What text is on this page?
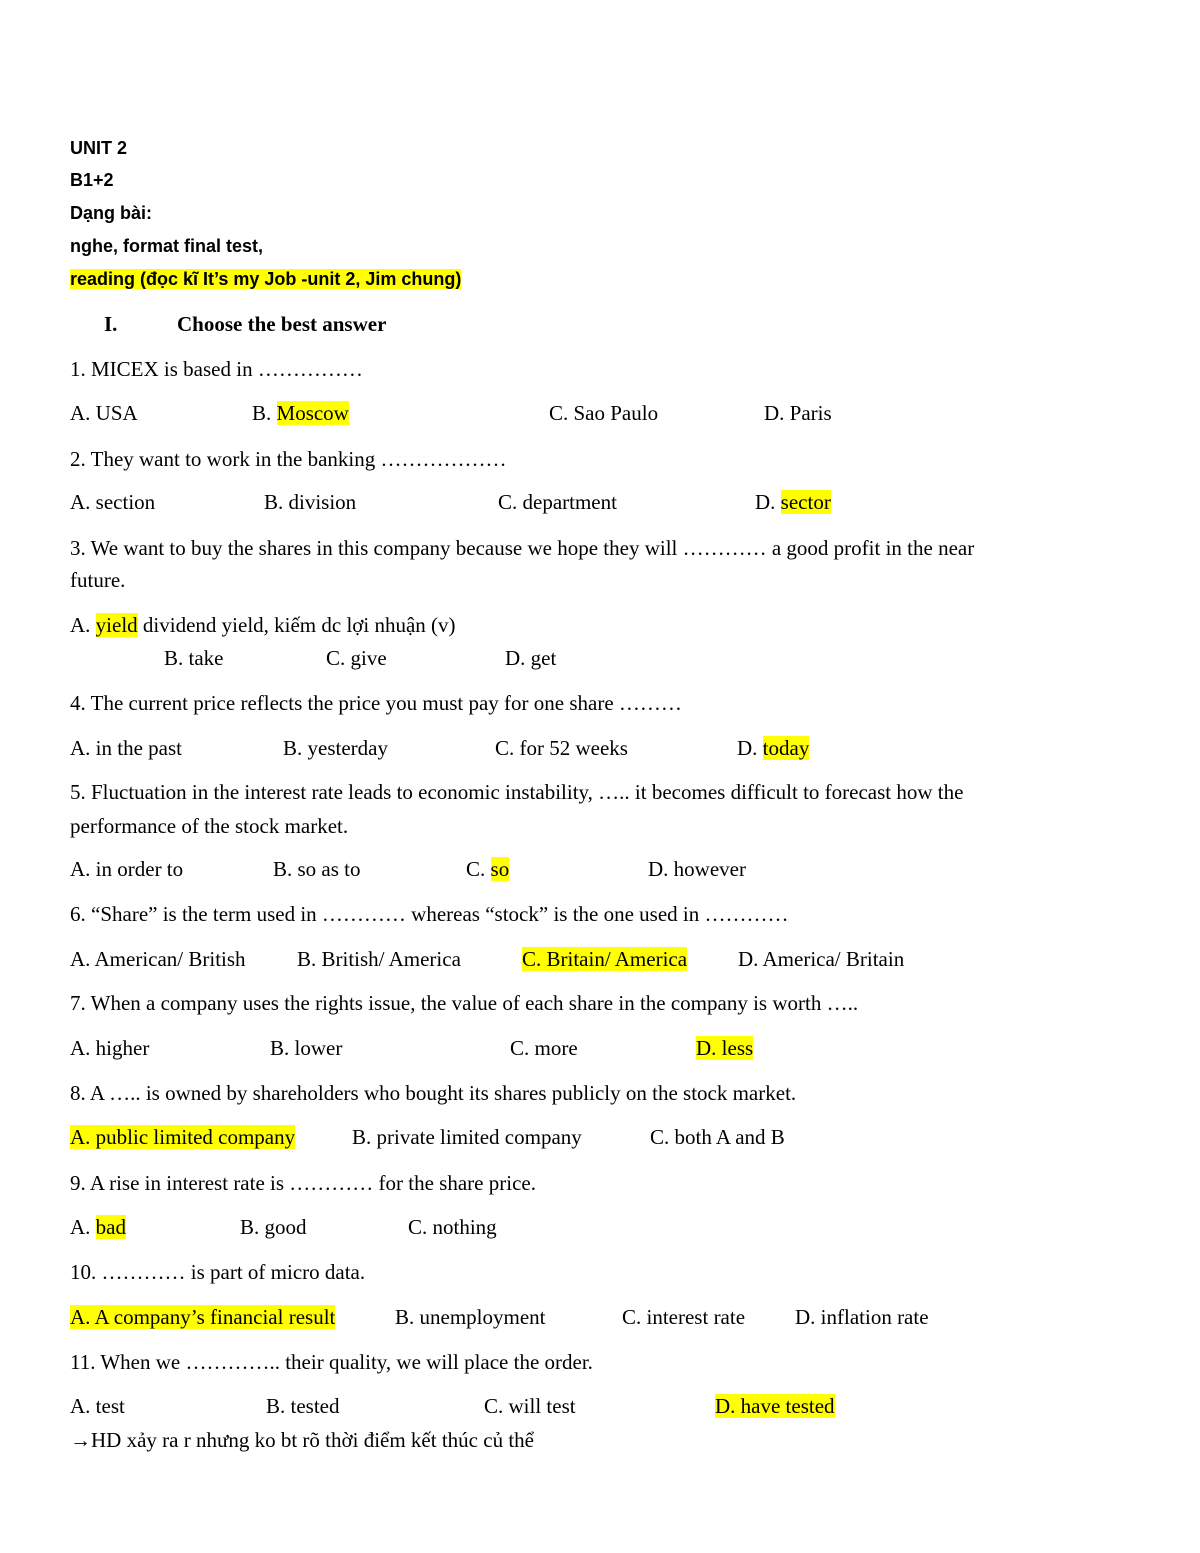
UNIT 2
B1+2
Dạng bài:
nghe, format final test,
reading (đọc kĩ It’s my Job -unit 2, Jim chung)
I.	Choose the best answer
1. MICEX is based in ……………
A. USA	B. Moscow	C. Sao Paulo	D. Paris
2. They want to work in the banking ………………
A. section	B. division	C. department	D. sector
3. We want to buy the shares in this company because we hope they will ………… a good profit in the near
future.
A. yield dividend yield, kiếm dc lợi nhuận (v)
B. take	C. give	D. get
4. The current price reflects the price you must pay for one share ………
A. in the past	B. yesterday	C. for 52 weeks	D. today
5. Fluctuation in the interest rate leads to economic instability, ….. it becomes difficult to forecast how the
performance of the stock market.
A. in order to	B. so as to	C. so	D. however
6. “Share” is the term used in ………… whereas “stock” is the one used in …………
A. American/ British B. British/ America	C. Britain/ America D. America/ Britain
7. When a company uses the rights issue, the value of each share in the company is worth …..
A. higher	B. lower	C. more	D. less
8. A ….. is owned by shareholders who bought its shares publicly on the stock market.
A. public limited company	B. private limited company	C. both A and B
9. A rise in interest rate is ………… for the share price.
A. bad	B. good	C. nothing
10. ………… is part of micro data.
A. A company’s financial result	B. unemployment	C. interest rate D. inflation rate
11. When we ………….. their quality, we will place the order.
A. test	B. tested	C. will test	D. have tested
→HD xảy ra r nhưng ko bt rõ thời điểm kết thúc củ thể
